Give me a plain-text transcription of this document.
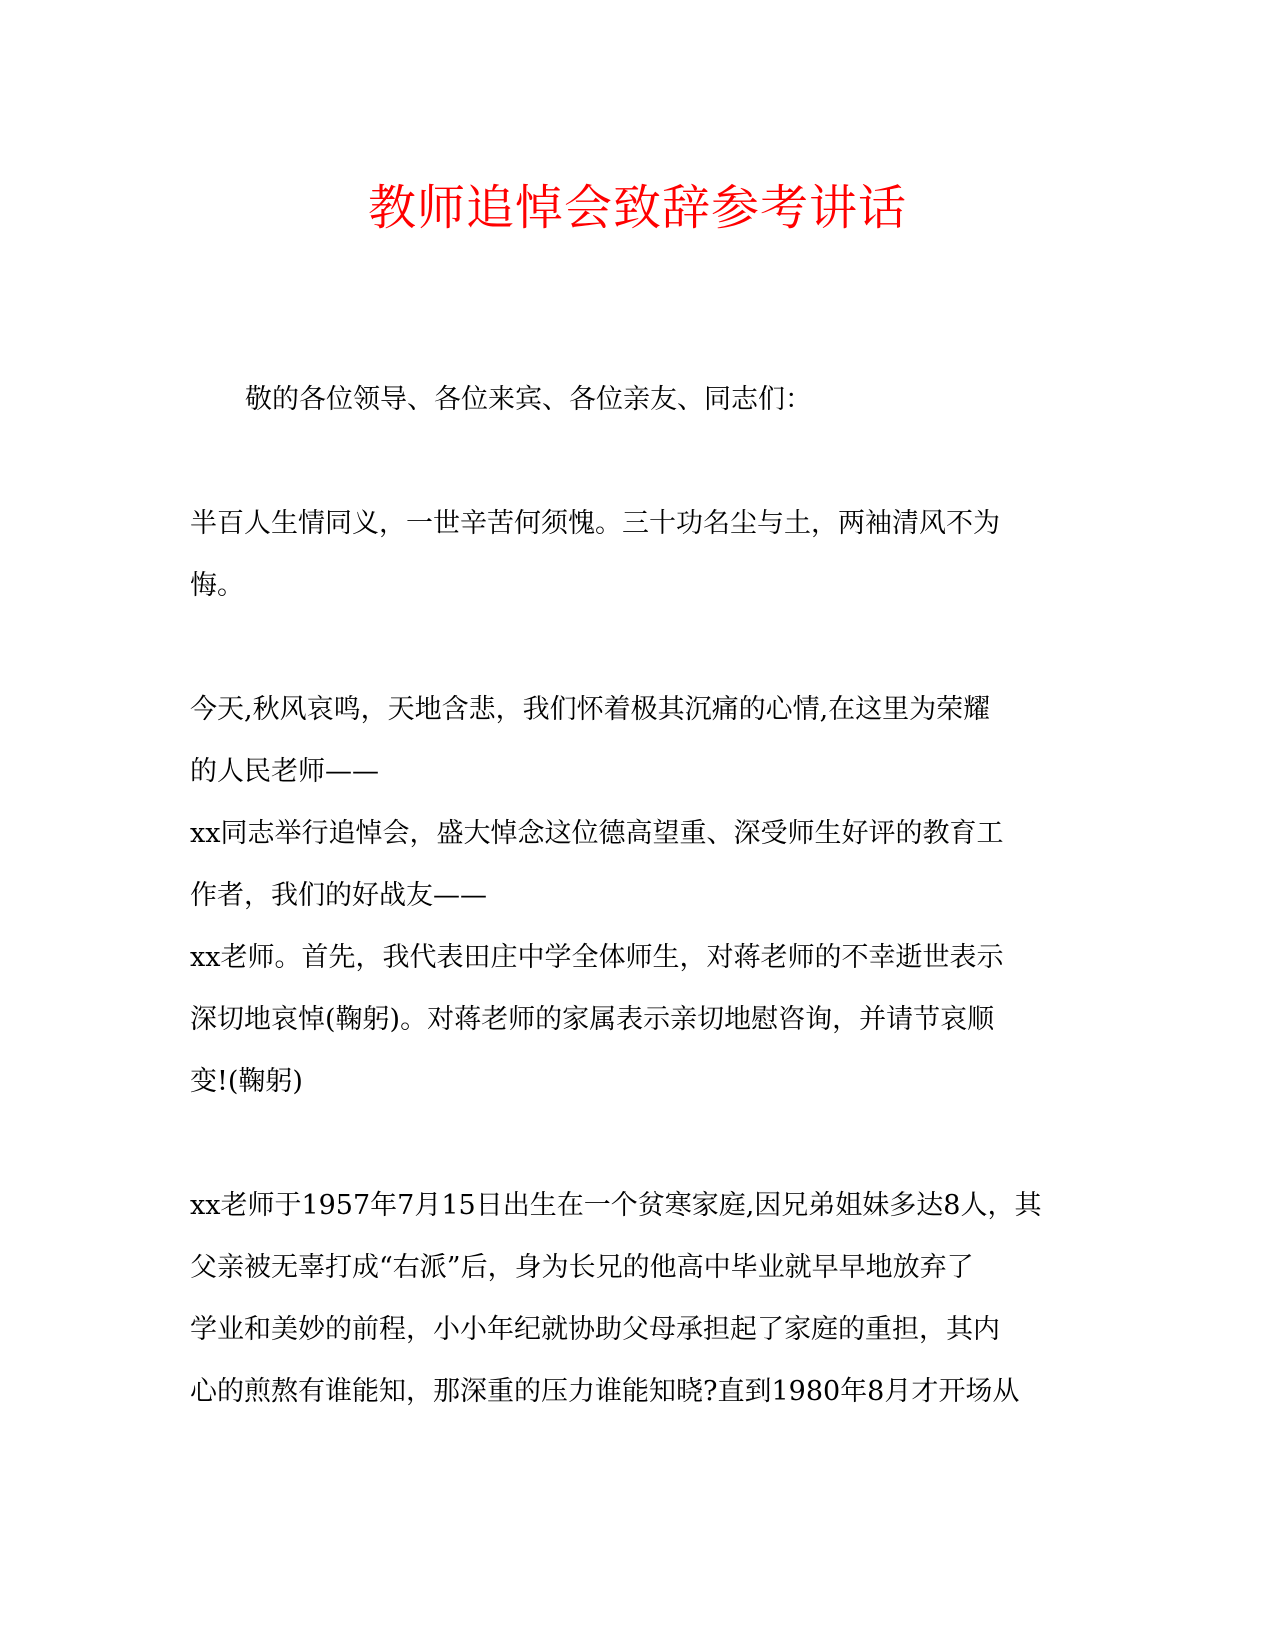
教师追悼会致辞参考讲话
敬的各位领导、各位来宾、各位亲友、同志们：
半百人生情同义，一世辛苦何须愧。三十功名尘与土，两袖清风不为
悔。
今天,秋风哀鸣，天地含悲，我们怀着极其沉痛的心情,在这里为荣耀
的人民老师——
xx同志举行追悼会，盛大悼念这位德高望重、深受师生好评的教育工
作者，我们的好战友——
xx老师。首先，我代表田庄中学全体师生，对蒋老师的不幸逝世表示
深切地哀悼(鞠躬)。对蒋老师的家属表示亲切地慰咨询，并请节哀顺
变!(鞠躬)
xx老师于1957年7月15日出生在一个贫寒家庭,因兄弟姐妹多达8人，其
父亲被无辜打成“右派”后，身为长兄的他高中毕业就早早地放弃了
学业和美妙的前程，小小年纪就协助父母承担起了家庭的重担，其内
心的煎熬有谁能知，那深重的压力谁能知晓?直到1980年8月才开场从
